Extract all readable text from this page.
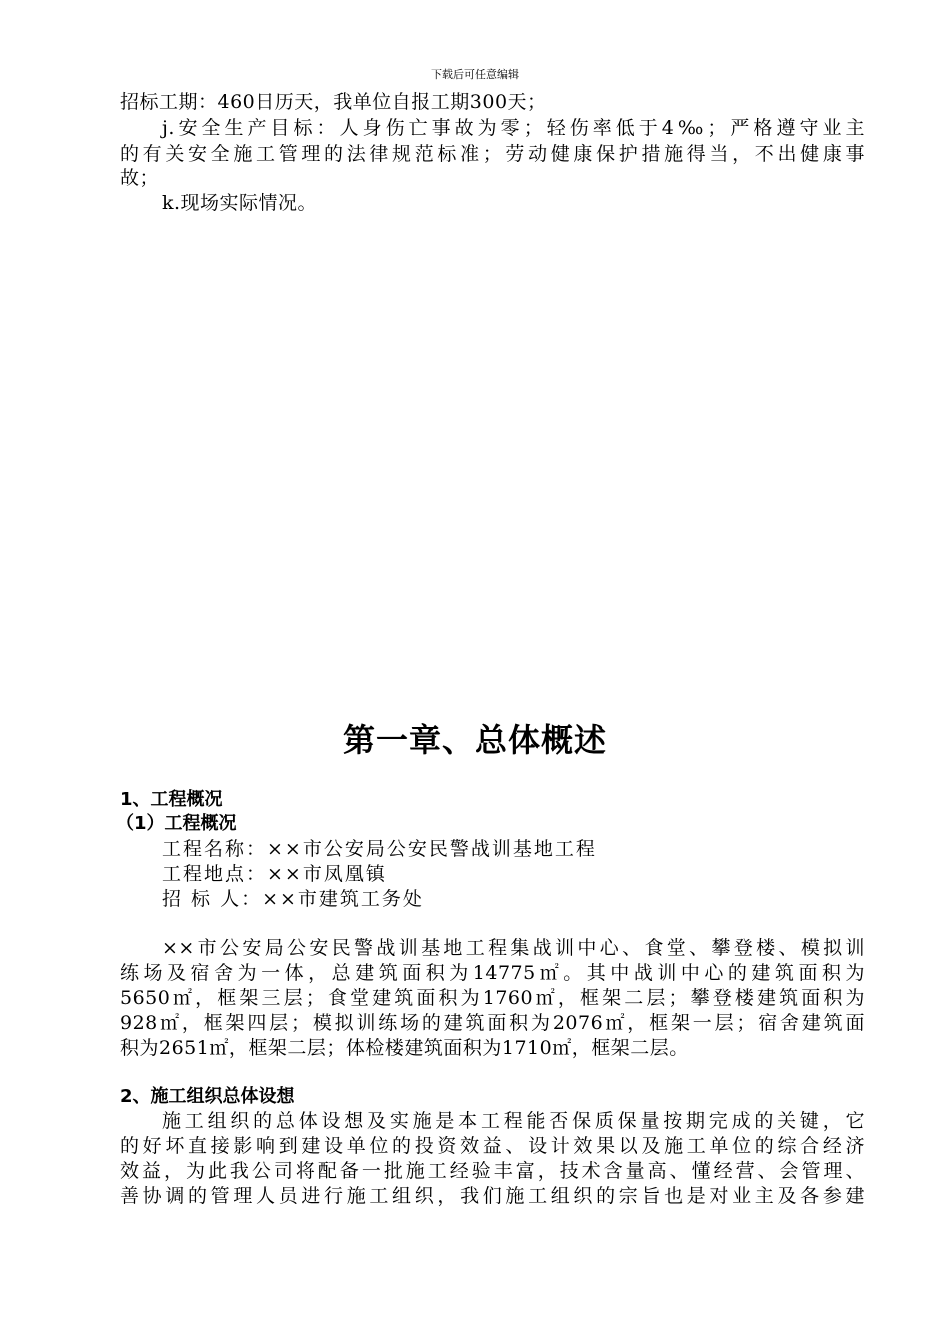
下载后可任意编辑
招标工期：460日历天，我单位自报工期300天；
j.安全生产目标：人身伤亡事故为零；轻伤率低于4‰；严格遵守业主
的有关安全施工管理的法律规范标准；劳动健康保护措施得当，不出健康事
故；
k.现场实际情况。
第一章、总体概述
1、工程概况
（1）工程概况
工程名称：××市公安局公安民警战训基地工程
工程地点：××市凤凰镇
招 标 人：××市建筑工务处
××市公安局公安民警战训基地工程集战训中心、食堂、攀登楼、模拟训
练场及宿舍为一体，总建筑面积为14775㎡。其中战训中心的建筑面积为
5650㎡，框架三层；食堂建筑面积为1760㎡，框架二层；攀登楼建筑面积为
928㎡，框架四层；模拟训练场的建筑面积为2076㎡，框架一层；宿舍建筑面
积为2651㎡，框架二层；体检楼建筑面积为1710㎡，框架二层。
2、施工组织总体设想
施工组织的总体设想及实施是本工程能否保质保量按期完成的关键，它
的好坏直接影响到建设单位的投资效益、设计效果以及施工单位的综合经济
效益，为此我公司将配备一批施工经验丰富，技术含量高、懂经营、会管理、
善协调的管理人员进行施工组织，我们施工组织的宗旨也是对业主及各参建
